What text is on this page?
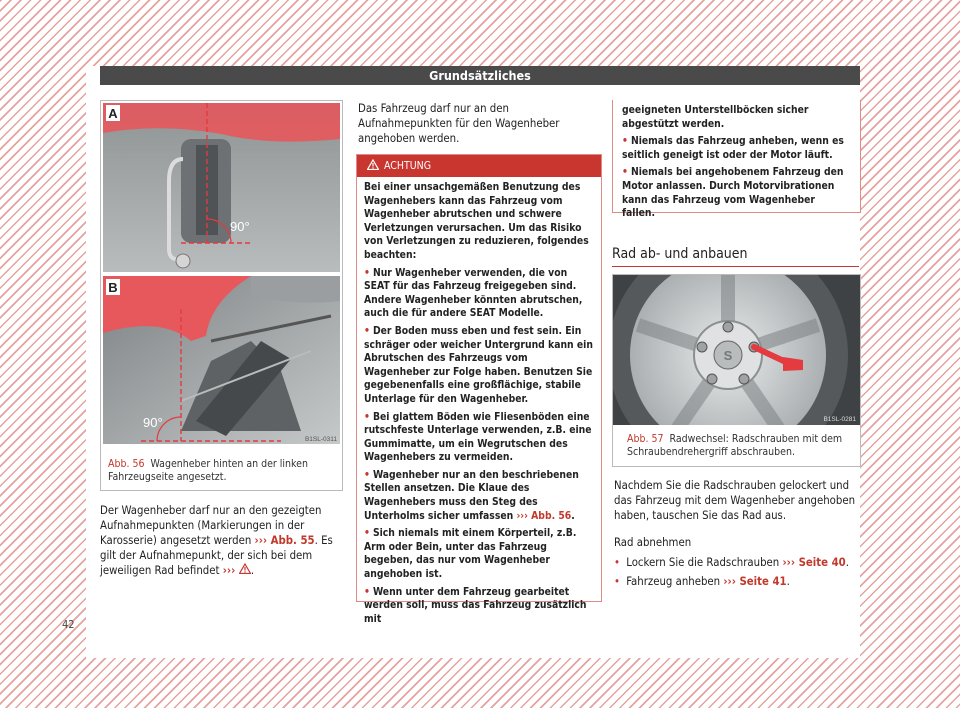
Grundsätzliches
42
A
90°
B
90°
B1SL-0311
Abb. 56 Wagenheber hinten an der linken Fahrzeugseite angesetzt.
Der Wagenheber darf nur an den gezeigten Aufnahmepunkten (Markierungen in der Karosserie) angesetzt werden ››› Abb. 55. Es gilt der Aufnahmepunkt, der sich bei dem jeweiligen Rad befindet ››› .
Das Fahrzeug darf nur an den Aufnahmepunkten für den Wagenheber angehoben werden.
ACHTUNG

Bei einer unsachgemäßen Benutzung des Wagenhebers kann das Fahrzeug vom Wagenheber abrutschen und schwere Verletzungen verursachen. Um das Risiko von Verletzungen zu reduzieren, folgendes beachten:

• Nur Wagenheber verwenden, die von SEAT für das Fahrzeug freigegeben sind. Andere Wagenheber könnten abrutschen, auch die für andere SEAT Modelle.

• Der Boden muss eben und fest sein. Ein schräger oder weicher Untergrund kann ein Abrutschen des Fahrzeugs vom Wagenheber zur Folge haben. Benutzen Sie gegebenenfalls eine großflächige, stabile Unterlage für den Wagenheber.

• Bei glattem Böden wie Fliesenböden eine rutschfeste Unterlage verwenden, z.B. eine Gummimatte, um ein Wegrutschen des Wagenhebers zu vermeiden.

• Wagenheber nur an den beschriebenen Stellen ansetzen. Die Klaue des Wagenhebers muss den Steg des Unterholms sicher umfassen ››› Abb. 56.

• Sich niemals mit einem Körperteil, z.B. Arm oder Bein, unter das Fahrzeug begeben, das nur vom Wagenheber angehoben ist.

• Wenn unter dem Fahrzeug gearbeitet werden soll, muss das Fahrzeug zusätzlich mit

geeigneten Unterstellböcken sicher abgestützt werden.

• Niemals das Fahrzeug anheben, wenn es seitlich geneigt ist oder der Motor läuft.

• Niemals bei angehobenem Fahrzeug den Motor anlassen. Durch Motorvibrationen kann das Fahrzeug vom Wagenheber fallen.

Rad ab- und anbauen
S
B1SL-0281
Abb. 57 Radwechsel: Radschrauben mit dem Schraubendrehergriff abschrauben.
Nachdem Sie die Radschrauben gelockert und das Fahrzeug mit dem Wagenheber angehoben haben, tauschen Sie das Rad aus.
Rad abnehmen
• Lockern Sie die Radschrauben ››› Seite 40.
• Fahrzeug anheben ››› Seite 41.
